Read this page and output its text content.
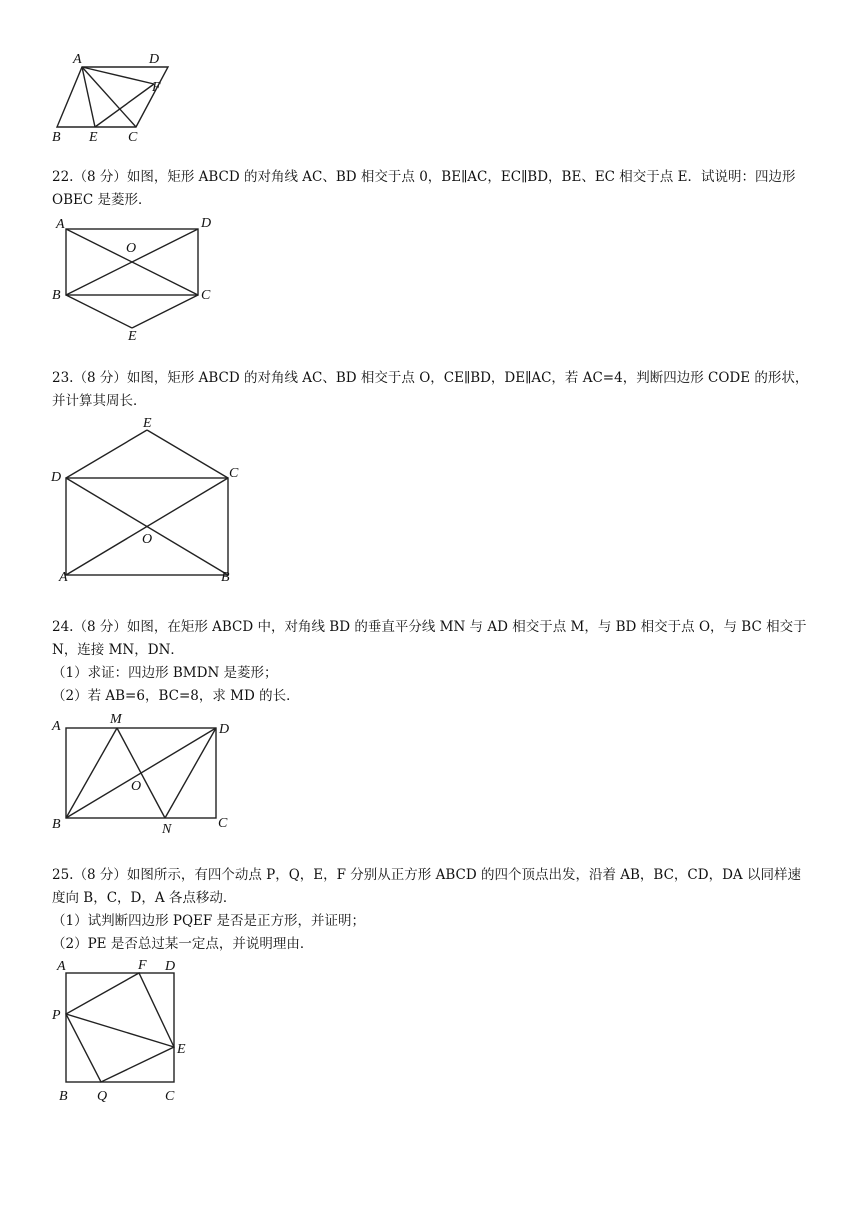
A	D
F
B E C

22.（8 分）如图，矩形 ABCD 的对角线 AC、BD 相交于点 0，BE∥AC，EC∥BD，BE、EC 相交于点 E．试说明：四边形 OBEC 是菱形．

A	D
O
B	C
E

23.（8 分）如图，矩形 ABCD 的对角线 AC、BD 相交于点 O，CE∥BD，DE∥AC，若 AC=4，判断四边形 CODE 的形状，并计算其周长．

E
D	C
O
A	B

24.（8 分）如图，在矩形 ABCD 中，对角线 BD 的垂直平分线 MN 与 AD 相交于点 M，与 BD 相交于点 O，与 BC 相交于 N，连接 MN，DN．

（1）求证：四边形 BMDN 是菱形；

（2）若 AB=6，BC=8，求 MD 的长．

A	M
D
O
B	N	C

25.（8 分）如图所示，有四个动点 P，Q，E，F 分别从正方形 ABCD 的四个顶点出发，沿着 AB，BC，CD，DA 以同样速度向 B，C，D，A 各点移动．

（1）试判断四边形 PQEF 是否是正方形，并证明；

（2）PE 是否总过某一定点，并说明理由．

A	F D
P
E
B Q	C
